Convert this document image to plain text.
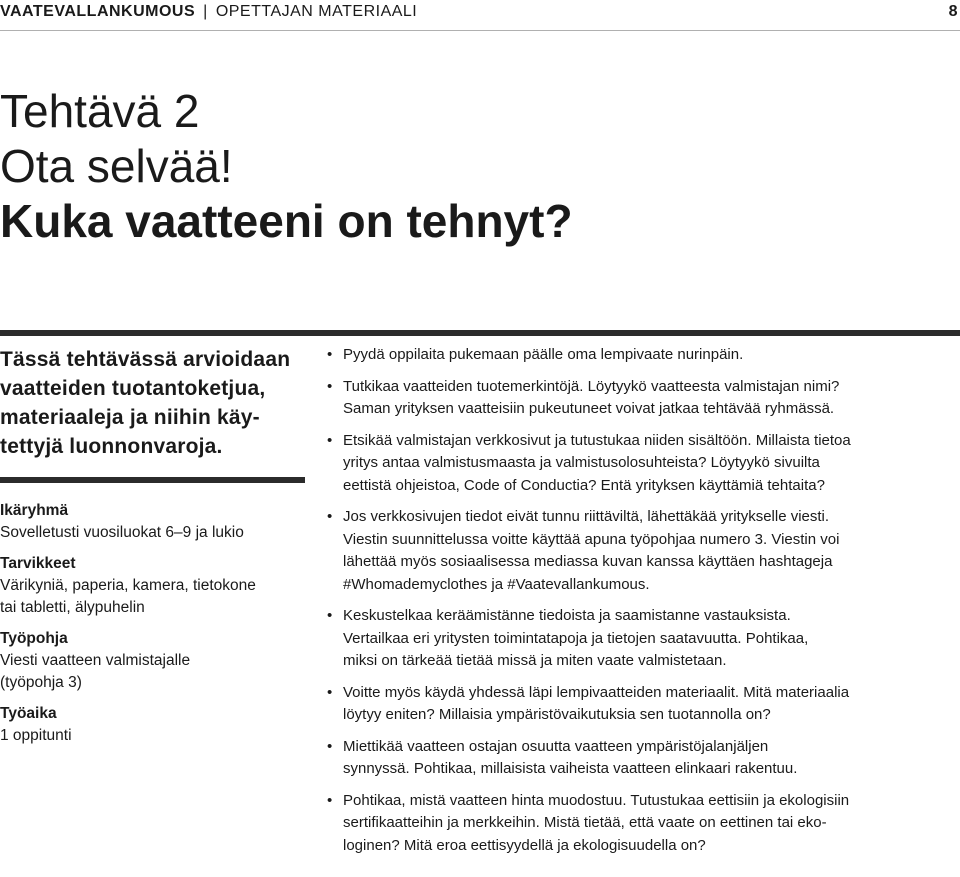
VAATEVALLANKUMOUS | OPETTAJAN MATERIAALI	8
Tehtävä 2
Ota selvää!
Kuka vaatteeni on tehnyt?
Tässä tehtävässä arvioidaan
vaatteiden tuotantoketjua,
materiaaleja ja niihin käy-
tettyjä luonnonvaroja.
Ikäryhmä
Sovelletusti vuosiluokat 6–9 ja lukio
Tarvikkeet
Värikyniä, paperia, kamera, tietokone
tai tabletti, älypuhelin
Työpohja
Viesti vaatteen valmistajalle
(työpohja 3)
Työaika
1 oppitunti
• Pyydä oppilaita pukemaan päälle oma lempivaate nurinpäin.
• Tutkikaa vaatteiden tuotemerkintöjä. Löytyykö vaatteesta valmistajan nimi?
Saman yrityksen vaatteisiin pukeutuneet voivat jatkaa tehtävää ryhmässä.
• Etsikää valmistajan verkkosivut ja tutustukaa niiden sisältöön. Millaista tietoa
yritys antaa valmistusmaasta ja valmistusolosuhteista? Löytyykö sivuilta
eettistä ohjeistoa, Code of Conductia? Entä yrityksen käyttämiä tehtaita?
• Jos verkkosivujen tiedot eivät tunnu riittäviltä, lähettäkää yritykselle viesti.
Viestin suunnittelussa voitte käyttää apuna työpohjaa numero 3. Viestin voi
lähettää myös sosiaalisessa mediassa kuvan kanssa käyttäen hashtageja
#Whomademyclothes ja #Vaatevallankumous.
• Keskustelkaa keräämistänne tiedoista ja saamistanne vastauksista.
Vertailkaa eri yritysten toimintatapoja ja tietojen saatavuutta. Pohtikaa,
miksi on tärkeää tietää missä ja miten vaate valmistetaan.
• Voitte myös käydä yhdessä läpi lempivaatteiden materiaalit. Mitä materiaalia
löytyy eniten? Millaisia ympäristövaikutuksia sen tuotannolla on?
• Miettikää vaatteen ostajan osuutta vaatteen ympäristöjalanjäljen
synnyssä. Pohtikaa, millaisista vaiheista vaatteen elinkaari rakentuu.
• Pohtikaa, mistä vaatteen hinta muodostuu. Tutustukaa eettisiin ja ekologisiin
sertifikaatteihin ja merkkeihin. Mistä tietää, että vaate on eettinen tai eko-
loginen? Mitä eroa eettisyydellä ja ekologisuudella on?
